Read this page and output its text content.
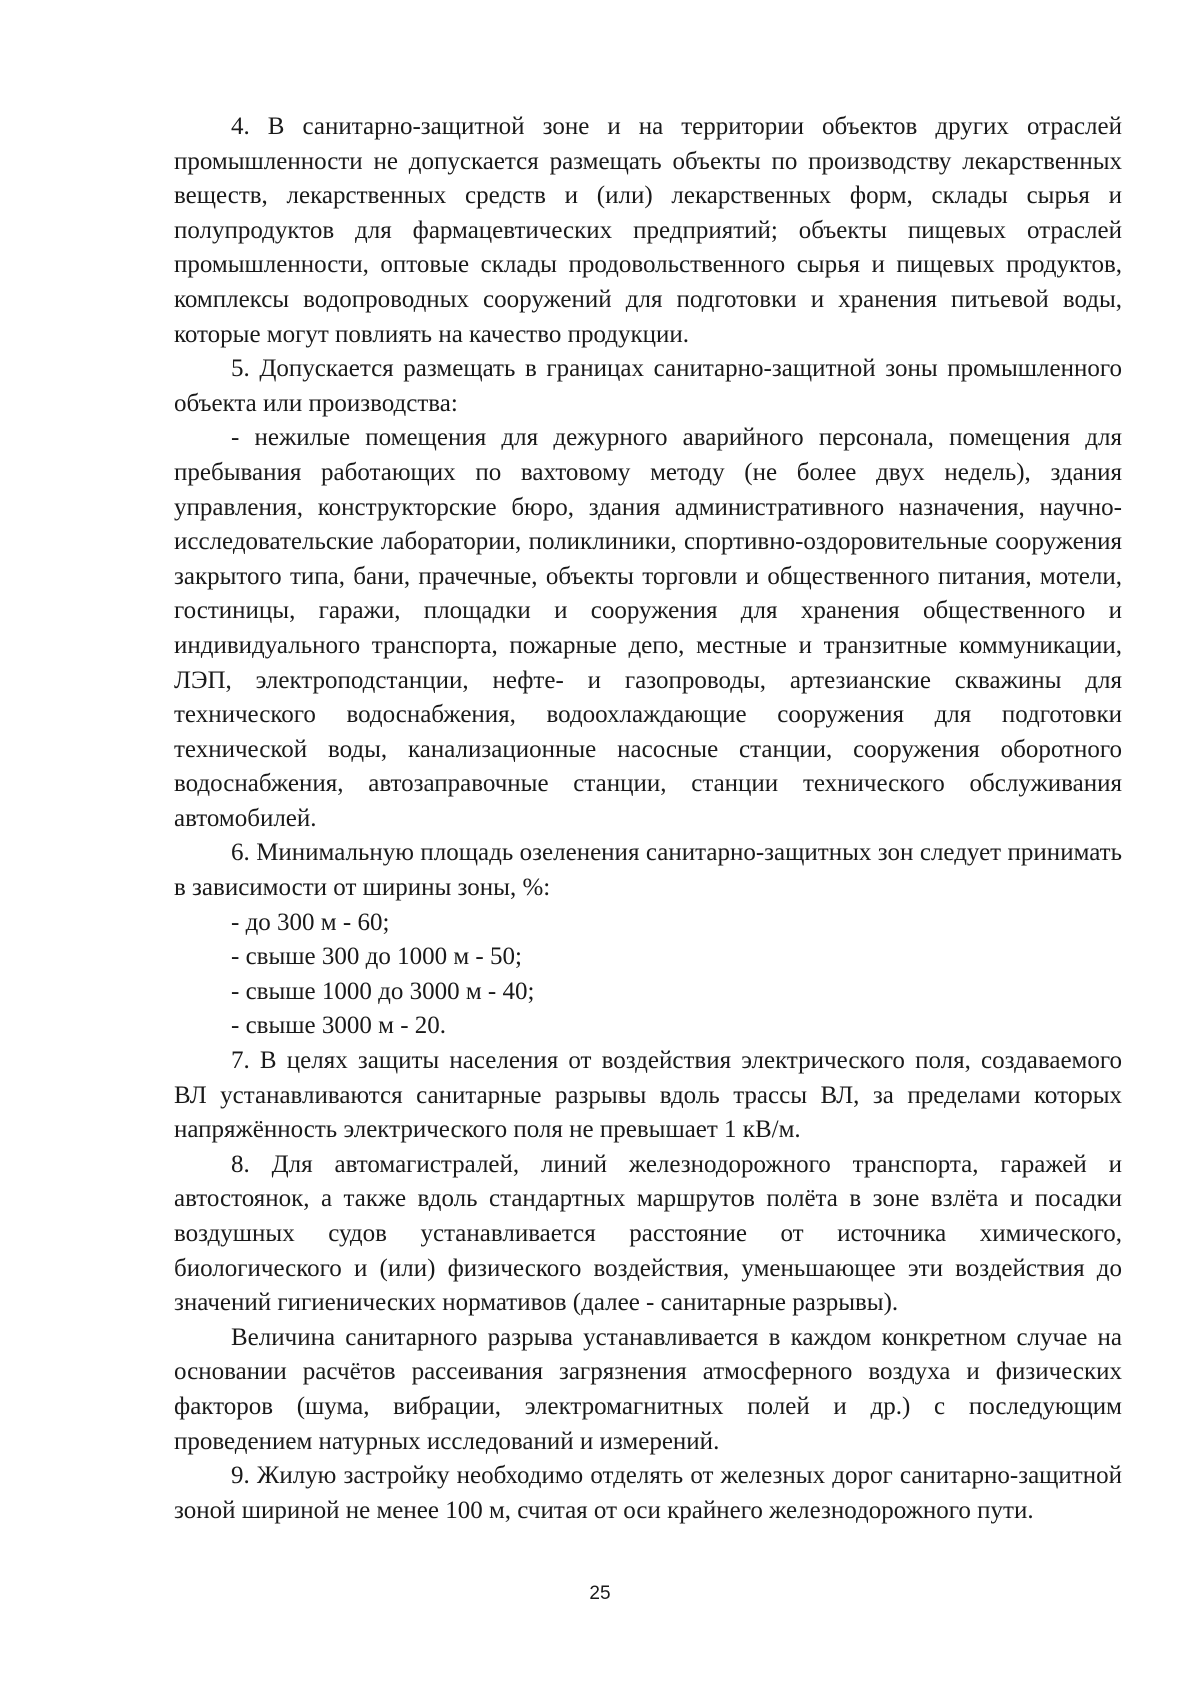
4. В санитарно-защитной зоне и на территории объектов других отраслей промышленности не допускается размещать объекты по производству лекарственных веществ, лекарственных средств и (или) лекарственных форм, склады сырья и полупродуктов для фармацевтических предприятий; объекты пищевых отраслей промышленности, оптовые склады продовольственного сырья и пищевых продуктов, комплексы водопроводных сооружений для подготовки и хранения питьевой воды, которые могут повлиять на качество продукции.

5. Допускается размещать в границах санитарно-защитной зоны промышленного объекта или производства:

- нежилые помещения для дежурного аварийного персонала, помещения для пребывания работающих по вахтовому методу (не более двух недель), здания управления, конструкторские бюро, здания административного назначения, научно-исследовательские лаборатории, поликлиники, спортивно-оздоровительные сооружения закрытого типа, бани, прачечные, объекты торговли и общественного питания, мотели, гостиницы, гаражи, площадки и сооружения для хранения общественного и индивидуального транспорта, пожарные депо, местные и транзитные коммуникации, ЛЭП, электроподстанции, нефте- и газопроводы, артезианские скважины для технического водоснабжения, водоохлаждающие сооружения для подготовки технической воды, канализационные насосные станции, сооружения оборотного водоснабжения, автозаправочные станции, станции технического обслуживания автомобилей.

6. Минимальную площадь озеленения санитарно-защитных зон следует принимать в зависимости от ширины зоны, %:

- до 300 м - 60;

- свыше 300 до 1000 м - 50;

- свыше 1000 до 3000 м - 40;

- свыше 3000 м - 20.

7. В целях защиты населения от воздействия электрического поля, создаваемого ВЛ устанавливаются санитарные разрывы вдоль трассы ВЛ, за пределами которых напряжённость электрического поля не превышает 1 кВ/м.

8. Для автомагистралей, линий железнодорожного транспорта, гаражей и автостоянок, а также вдоль стандартных маршрутов полёта в зоне взлёта и посадки воздушных судов устанавливается расстояние от источника химического, биологического и (или) физического воздействия, уменьшающее эти воздействия до значений гигиенических нормативов (далее - санитарные разрывы).

Величина санитарного разрыва устанавливается в каждом конкретном случае на основании расчётов рассеивания загрязнения атмосферного воздуха и физических факторов (шума, вибрации, электромагнитных полей и др.) с последующим проведением натурных исследований и измерений.

9. Жилую застройку необходимо отделять от железных дорог санитарно-защитной зоной шириной не менее 100 м, считая от оси крайнего железнодорожного пути.

25
